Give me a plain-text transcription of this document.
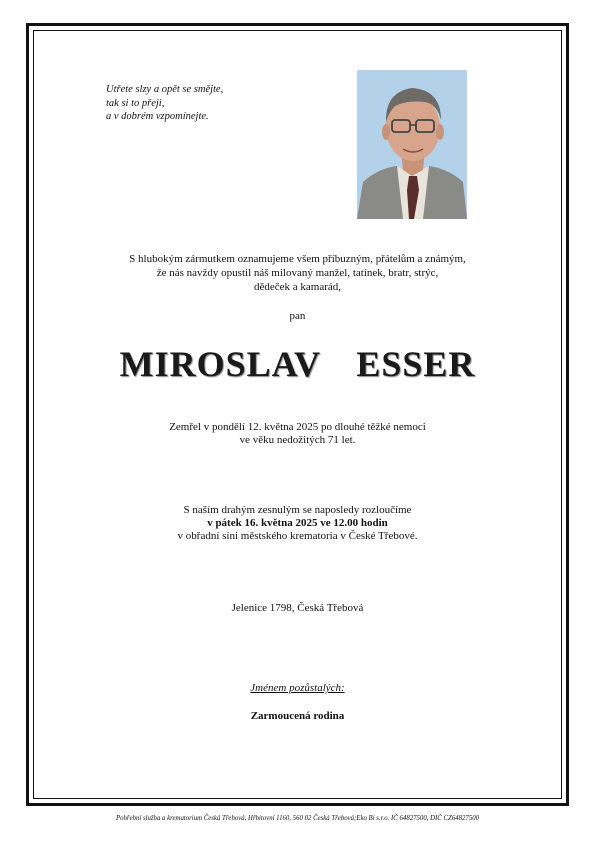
Utřete slzy a opět se smějte,
tak si to přeji,
a v dobrém vzpomínejte.
S hlubokým zármutkem oznamujeme všem příbuzným, přátelům a známým,
že nás navždy opustil náš milovaný manžel, tatínek, bratr, strýc,
dědeček a kamarád,
pan
MIROSLAV  ESSER
Zemřel v pondělí 12. května 2025 po dlouhé těžké nemoci
ve věku nedožitých 71 let.
S naším drahým zesnulým se naposledy rozloučíme
v pátek 16. května 2025 ve 12.00 hodin
v obřadní síni městského krematoria v České Třebové.
Jelenice 1798, Česká Třebová
Jménem pozůstalých:
Zarmoucená rodina
Pohřební služba a krematorium Česká Třebová, Hřbitovní 1160, 560 02 Česká Třebová;Eko Bi s.r.o. IČ 64827500, DIČ CZ64827500
